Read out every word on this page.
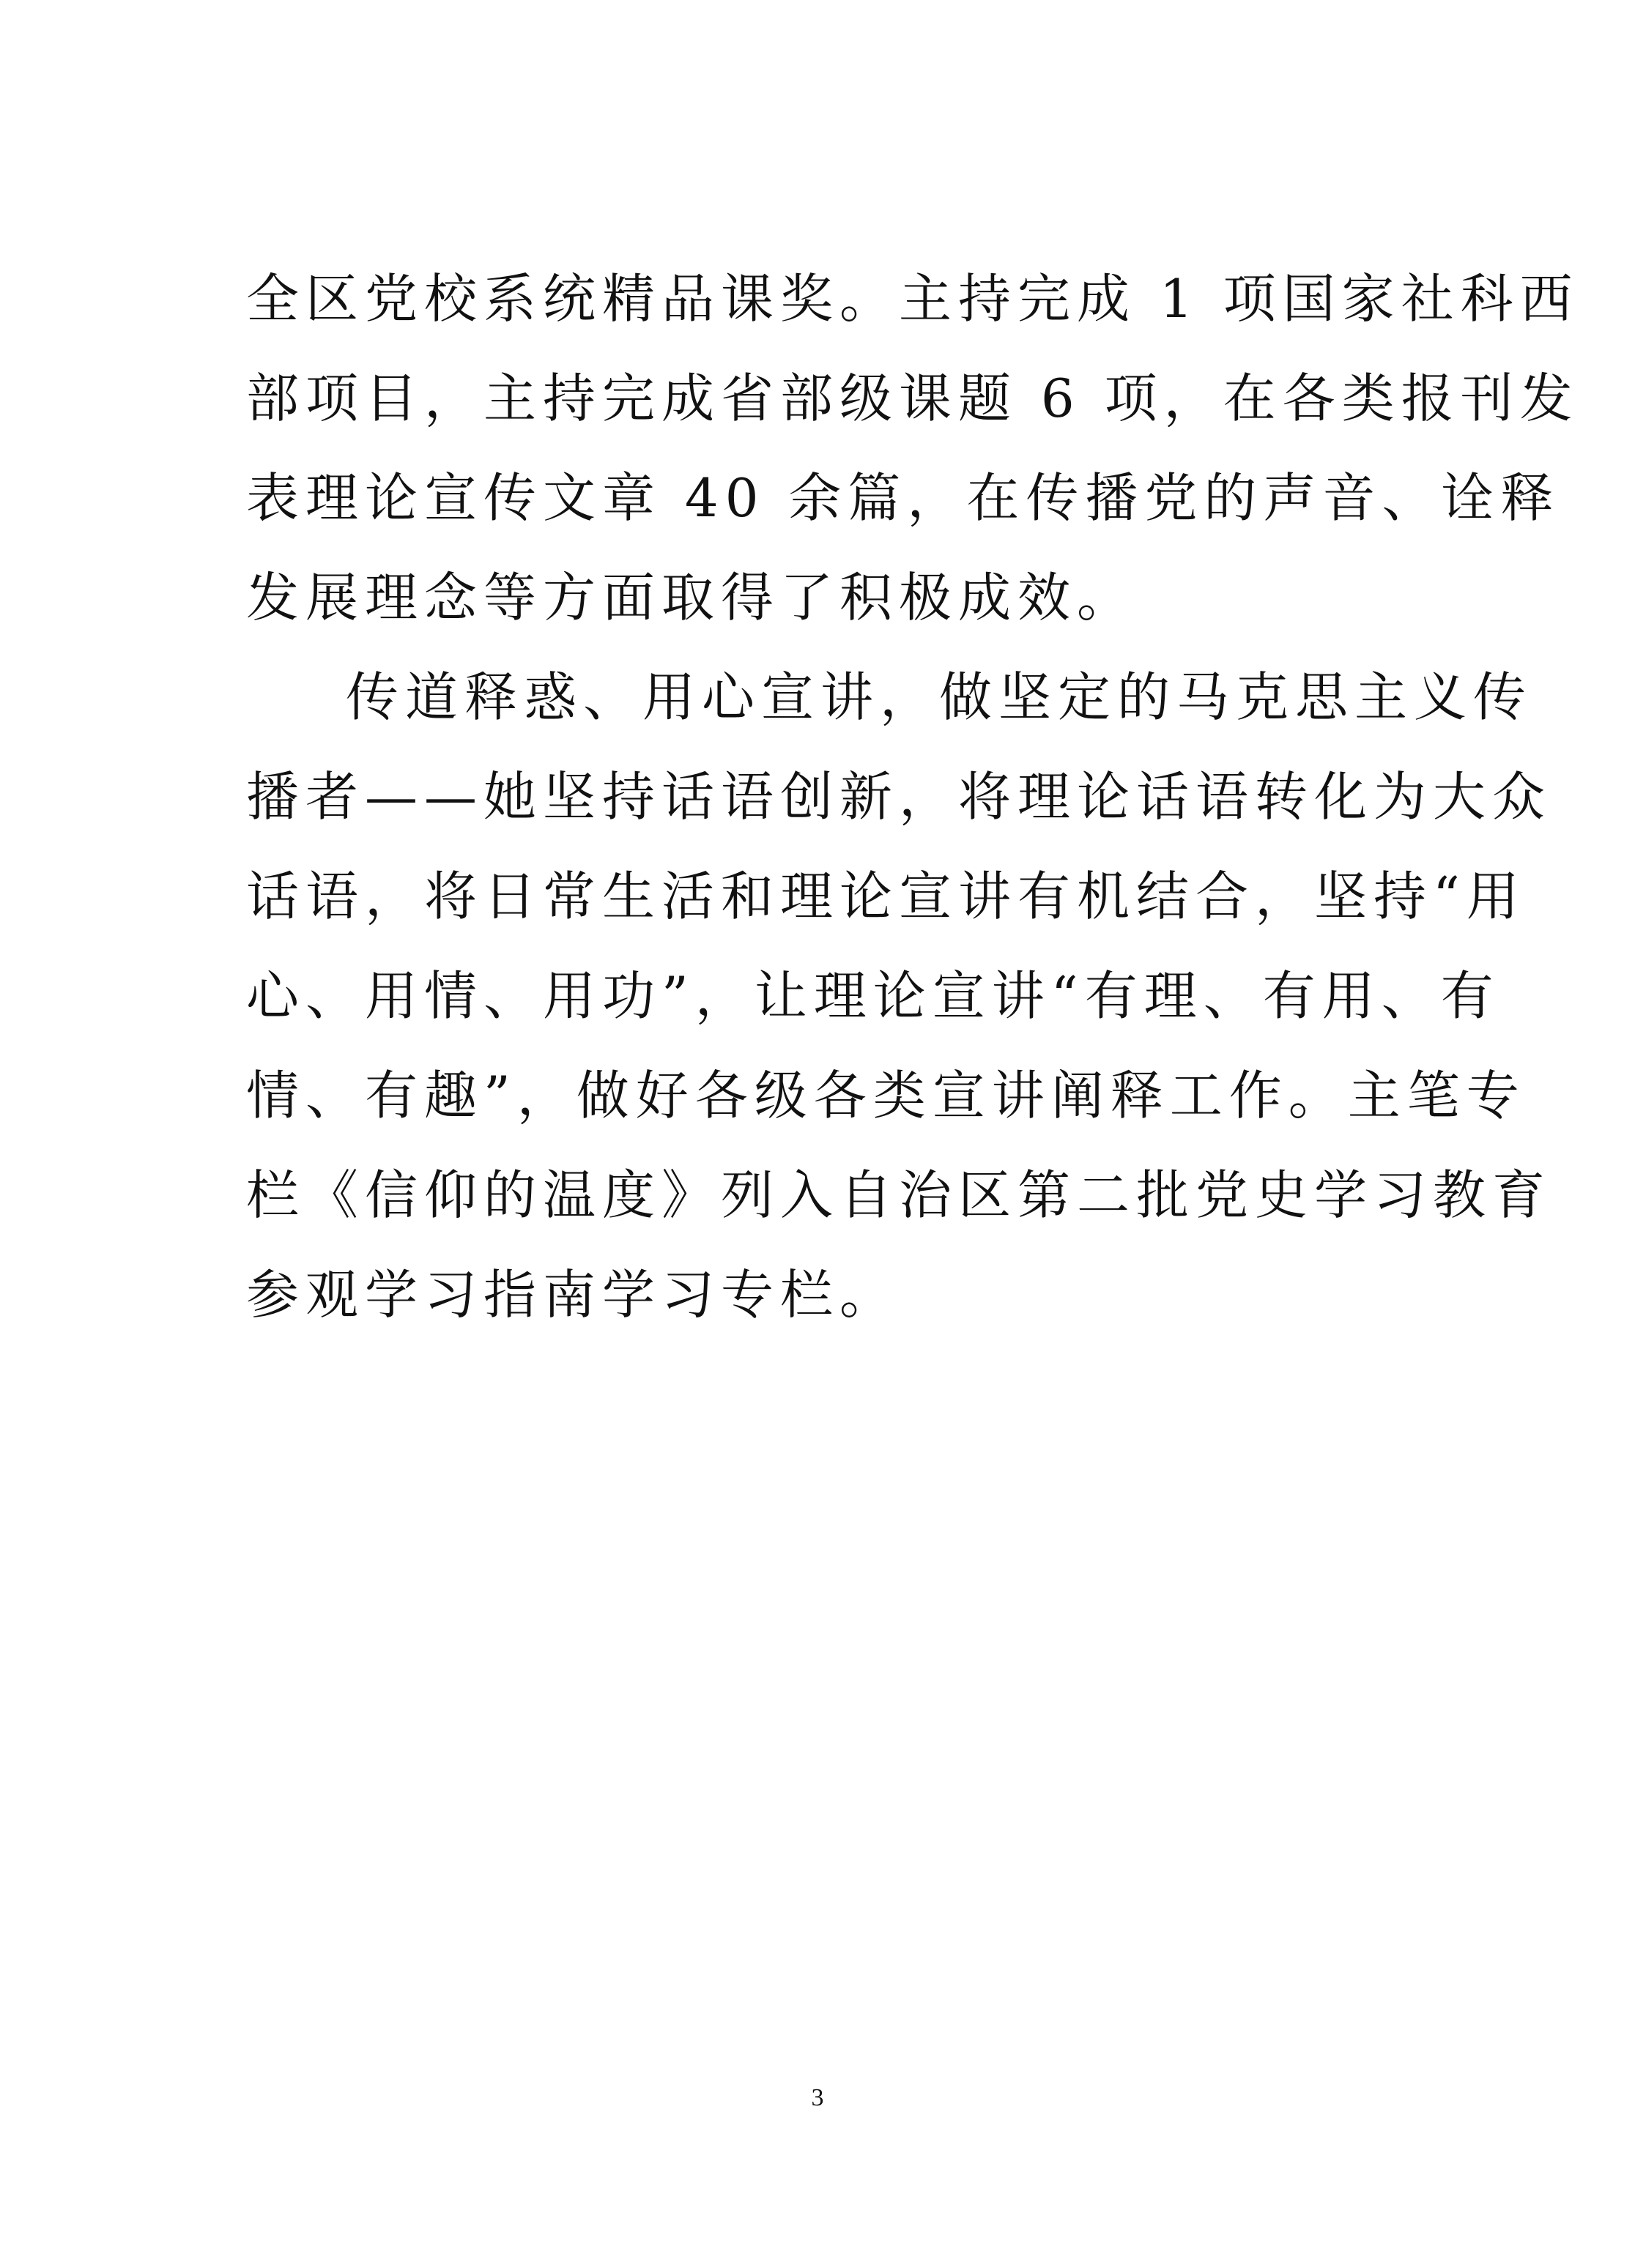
全区党校系统精品课奖。主持完成 1 项国家社科西
部项目，主持完成省部级课题 6 项，在各类报刊发
表理论宣传文章 40 余篇，在传播党的声音、诠释
发展理念等方面取得了积极成效。
传道释惑、用心宣讲，做坚定的马克思主义传
播者——她坚持话语创新，将理论话语转化为大众
话语，将日常生活和理论宣讲有机结合，坚持“用
心、用情、用功”，让理论宣讲“有理、有用、有
情、有趣”，做好各级各类宣讲阐释工作。主笔专
栏《信仰的温度》列入自治区第二批党史学习教育
参观学习指南学习专栏。
3
